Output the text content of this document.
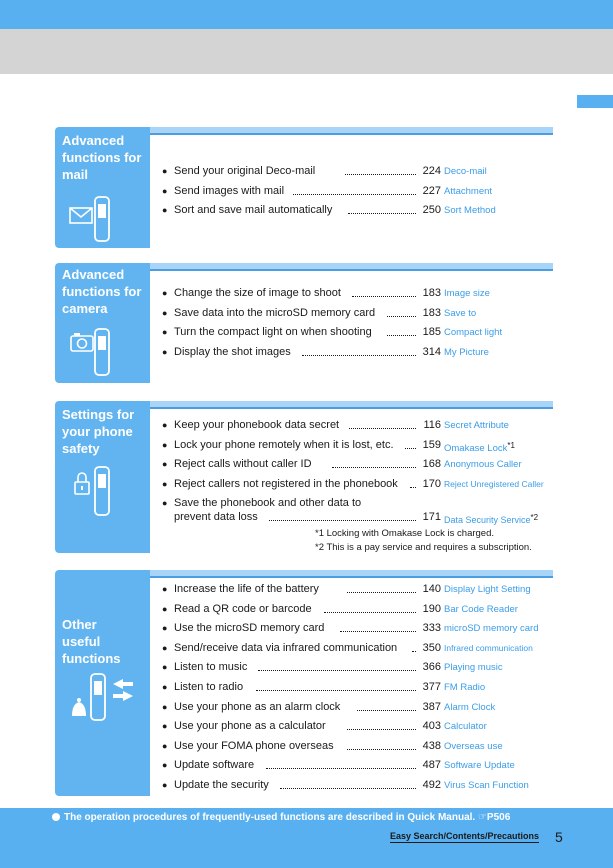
Advanced
functions for
mail	● Send your original Deco-mail	224 Deco-mail
● Send images with mail	227 Attachment
● Sort and save mail automatically	250 Sort Method
Advanced
functions for
camera
● Change the size of image to shoot	183 Image size
● Save data into the microSD memory card	183 Save to
● Turn the compact light on when shooting	185 Compact light
● Display the shot images	314 My Picture
Settings for
your phone
safety
● Keep your phonebook data secret	116 Secret Attribute
● Lock your phone remotely when it is lost, etc.	159 Omakase Lock$^{*1}$
● Reject calls without caller ID	168 Anonymous Caller
● Reject callers not registered in the phonebook	170 Reject Unregistered Caller
● Save the phonebook and other data to
prevent data loss	171 Data Security Service*2
*1 Locking with Omakase Lock is charged.
*2 This is a pay service and requires a subscription.
Other
useful
functions
● Increase the life of the battery	140 Display Light Setting
● Read a QR code or barcode	190 Bar Code Reader
● Use the microSD memory card	333 microSD memory card
● Send/receive data via infrared communication	350 Infrared communication
● Listen to music	366 Playing music
● Listen to radio	377 FM Radio
● Use your phone as an alarm clock	387 Alarm Clock
● Use your phone as a calculator	403 Calculator
● Use your FOMA phone overseas	438 Overseas use
● Update software	487 Software Update
● Update the security	492 Virus Scan Function
The operation procedures of frequently-used functions are described in Quick Manual. ☞P506
Easy Search/Contents/Precautions 5
